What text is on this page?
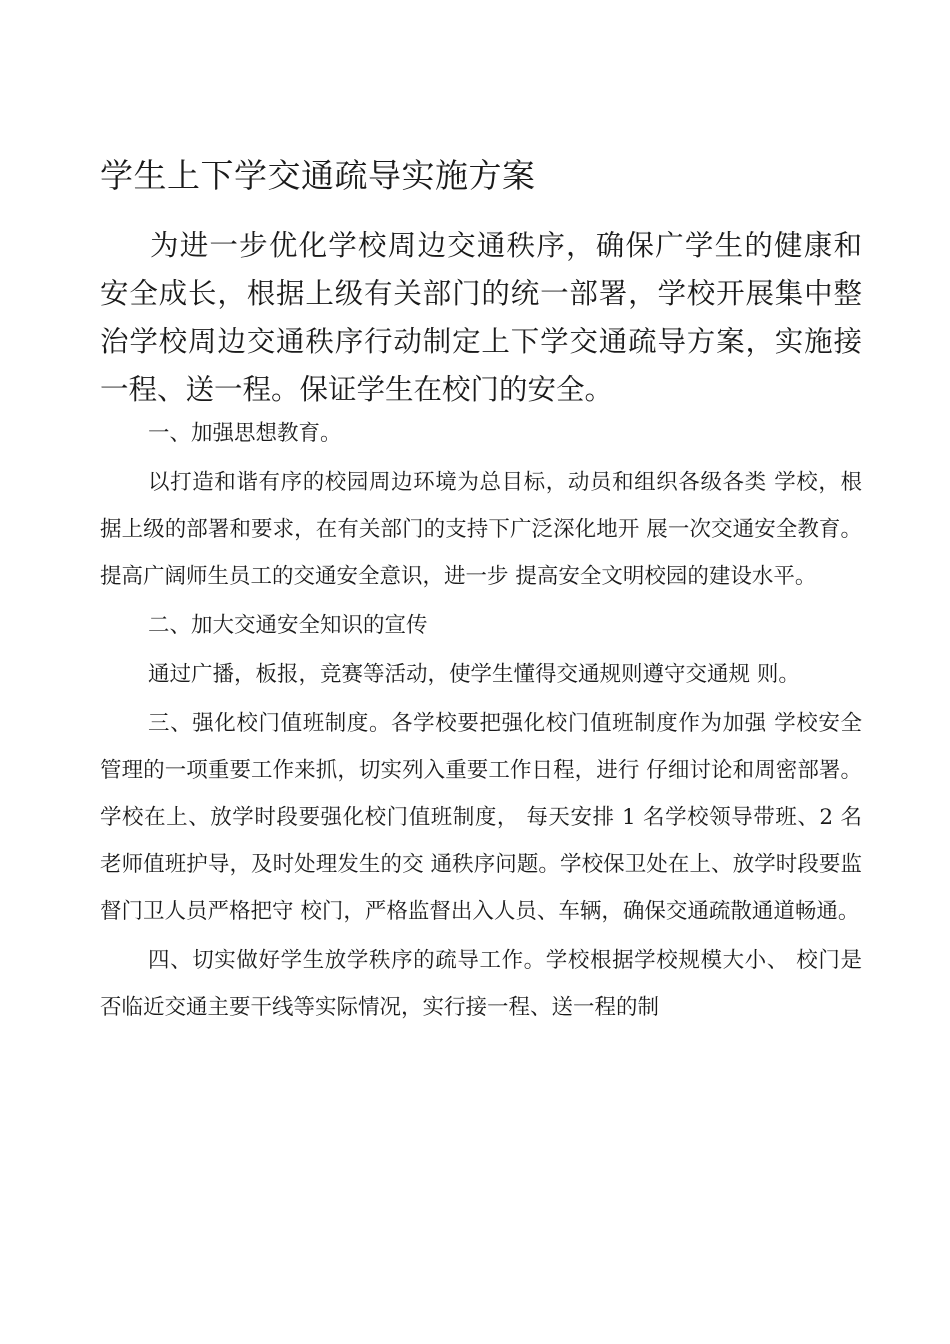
学生上下学交通疏导实施方案

为进一步优化学校周边交通秩序，确保广学生的健康和 安全成长，根据上级有关部门的统一部署，学校开展集中整 治学校周边交通秩序行动制定上下学交通疏导方案，实施接 一程、送一程。保证学生在校门的安全。

一、加强思想教育。

以打造和谐有序的校园周边环境为总目标，动员和组织各级各类 学校，根据上级的部署和要求，在有关部门的支持下广泛深化地开 展一次交通安全教育。提高广阔师生员工的交通安全意识，进一步 提高安全文明校园的建设水平。

二、加大交通安全知识的宣传

通过广播，板报，竞赛等活动，使学生懂得交通规则遵守交通规 则。

三、强化校门值班制度。各学校要把强化校门值班制度作为加强 学校安全管理的一项重要工作来抓，切实列入重要工作日程，进行 仔细讨论和周密部署。学校在上、放学时段要强化校门值班制度， 每天安排 1 名学校领导带班、2 名老师值班护导，及时处理发生的交 通秩序问题。学校保卫处在上、放学时段要监督门卫人员严格把守 校门，严格监督出入人员、车辆，确保交通疏散通道畅通。

四、切实做好学生放学秩序的疏导工作。学校根据学校规模大小、 校门是否临近交通主要干线等实际情况，实行接一程、送一程的制
